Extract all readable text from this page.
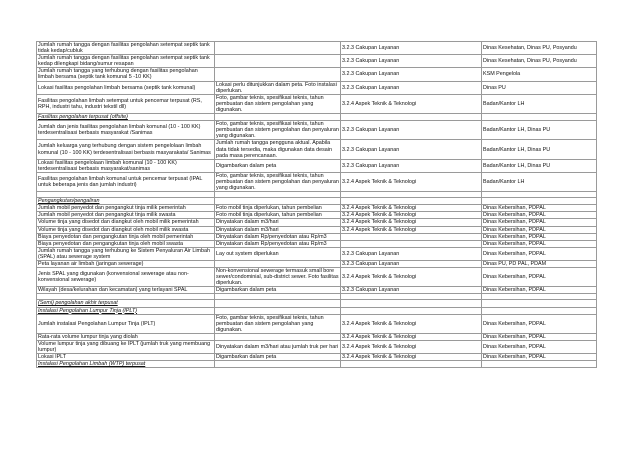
Jumlah rumah tangga dengan fasilitas pengolahan setempat septik tank tidak kedap/cubluk		3.2.3 Cakupan Layanan	Dinas Kesehatan, Dinas PU, Posyandu
Jumlah rumah tangga dengan fasilitas pengolahan setempat septik tank kedap dilengkapi bidang/sumur resapan		3.2.3 Cakupan Layanan	Dinas Kesehatan, Dinas PU, Posyandu
Jumlah rumah tangga yang terhubung dengan fasilitas pengolahan limbah bersama (septik tank komunal 5 -10 KK)		3.2.3 Cakupan Layanan	KSM Pengelola
Lokasi fasilitas pengolahan limbah bersama (septik tank komunal)	Lokasi perlu ditunjukkan dalam peta. Foto instalasi diperlukan.	3.2.3 Cakupan Layanan	Dinas PU
Fasilitas pengolahan limbah setempat untuk pencemar terpusat (RS, RPH, industri tahu, industri tekstil dll)	Foto, gambar teknis, spesifikasi teknis, tahun pembuatan dan sistem pengolahan yang digunakan.	3.2.4 Aspek Teknik & Teknologi	Badan/Kantor LH
Fasilitas pengolahan terpusat (offsite)			
Jumlah dan jenis fasilitas pengolahan limbah komunal (10 - 100 KK) terdesentralisasi berbasis masyarakat /Sanimas	Foto, gambar teknis, spesifikasi teknis, tahun pembuatan dan sistem pengolahan dan penyaluran yang digunakan.	3.2.3 Cakupan Layanan	Badan/Kantor LH, Dinas PU
Jumlah keluarga yang terhubung dengan sistem pengelolaan limbah komunal (10 - 100 KK) terdesentralisasi berbasis masyarakata/ Sanimas	Jumlah rumah tangga pengguna aktual. Apabila data tidak tersedia, maka digunakan data desain pada masa perencanaan.	3.2.3 Cakupan Layanan	Badan/Kantor LH, Dinas PU
Lokasi fasilitas pengelolaan limbah komunal (10 - 100 KK) terdesentralisasi berbasis masyarakat/sanimas	Digambarkan dalam peta	3.2.3 Cakupan Layanan	Badan/Kantor LH, Dinas PU
Fasilitas pengolahan limbah komunal untuk pencemar terpusat (IPAL untuk beberapa jenis dan jumlah industri)	Foto, gambar teknis, spesifikasi teknis, tahun pembuatan dan sistem pengolahan dan penyaluran yang digunakan.	3.2.4 Aspek Teknik & Teknologi	Badan/Kantor LH

Pengangkutan/pengaliran			
Jumlah mobil penyedot dan pengangkut tinja milik pemerintah	Foto mobil tinja diperlukan, tahun pembelian	3.2.4 Aspek Teknik & Teknologi	Dinas Kebersihan, PDPAL
Jumlah mobil penyedot dan pengangkut tinja milik swasta	Foto mobil tinja diperlukan, tahun pembelian	3.2.4 Aspek Teknik & Teknologi	Dinas Kebersihan, PDPAL
Volume tinja yang disedot dan diangkut oleh mobil milik pemerintah	Dinyatakan dalam m3/hari	3.2.4 Aspek Teknik & Teknologi	Dinas Kebersihan, PDPAL
Volume tinja yang disedot dan diangkut oleh mobil milik swasta	Dinyatakan dalam m3/hari	3.2.4 Aspek Teknik & Teknologi	Dinas Kebersihan, PDPAL
Biaya penyedotan dan pengangkutan tinja oleh mobil pemerintah	Dinyatakan dalam Rp/penyedotan atau Rp/m3		Dinas Kebersihan, PDPAL
Biaya penyedotan dan pengangkutan tinja oleh mobil swasta	Dinyatakan dalam Rp/penyedotan atau Rp/m3		Dinas Kebersihan, PDPAL
Jumlah rumah tangga yang terhubung ke Sistem Penyaluran Air Limbah (SPAL) atau sewerage system	Lay out system diperlukan	3.2.3 Cakupan Layanan	Dinas Kebersihan, PDPAL
Peta layanan air limbah (jaringan sewerage)		3.2.3 Cakupan Layanan	Dinas PU, PD PAL, PDAM
Jenis SPAL yang digunakan (konvensional sewerage atau non-konvensional sewerage)	Non-konvensional sewerage termasuk small bore sewer/condominial, sub-district sewer. Foto fasilitas diperlukan.	3.2.4 Aspek Teknik & Teknologi	Dinas Kebersihan, PDPAL
Wilayah (desa/kelurahan dan kecamatan) yang terlayani SPAL	Digambarkan dalam peta	3.2.3 Cakupan Layanan	Dinas Kebersihan, PDPAL

(Semi) pengolahan akhir terpusat			
Instalasi Pengolahan Lumpur Tinja (IPLT)			
Jumlah instalasi Pengolahan Lumpur Tinja (IPLT)	Foto, gambar teknis, spesifikasi teknis, tahun pembuatan dan sistem pengolahan yang digunakan.	3.2.4 Aspek Teknik & Teknologi	Dinas Kebersihan, PDPAL
Rata-rata volume lumpur tinja yang diolah		3.2.4 Aspek Teknik & Teknologi	Dinas Kebersihan, PDPAL
Volume lumpur tinja yang dibuang ke IPLT (jumlah truk yang membuang lumpur)	Dinyatakan dalam m3/hari atau jumlah truk per hari	3.2.4 Aspek Teknik & Teknologi	Dinas Kebersihan, PDPAL
Lokasi IPLT	Digambarkan dalam peta	3.2.4 Aspek Teknik & Teknologi	Dinas Kebersihan, PDPAL
Instalasi Pengolahan Limbah (WTP) terpusat			
